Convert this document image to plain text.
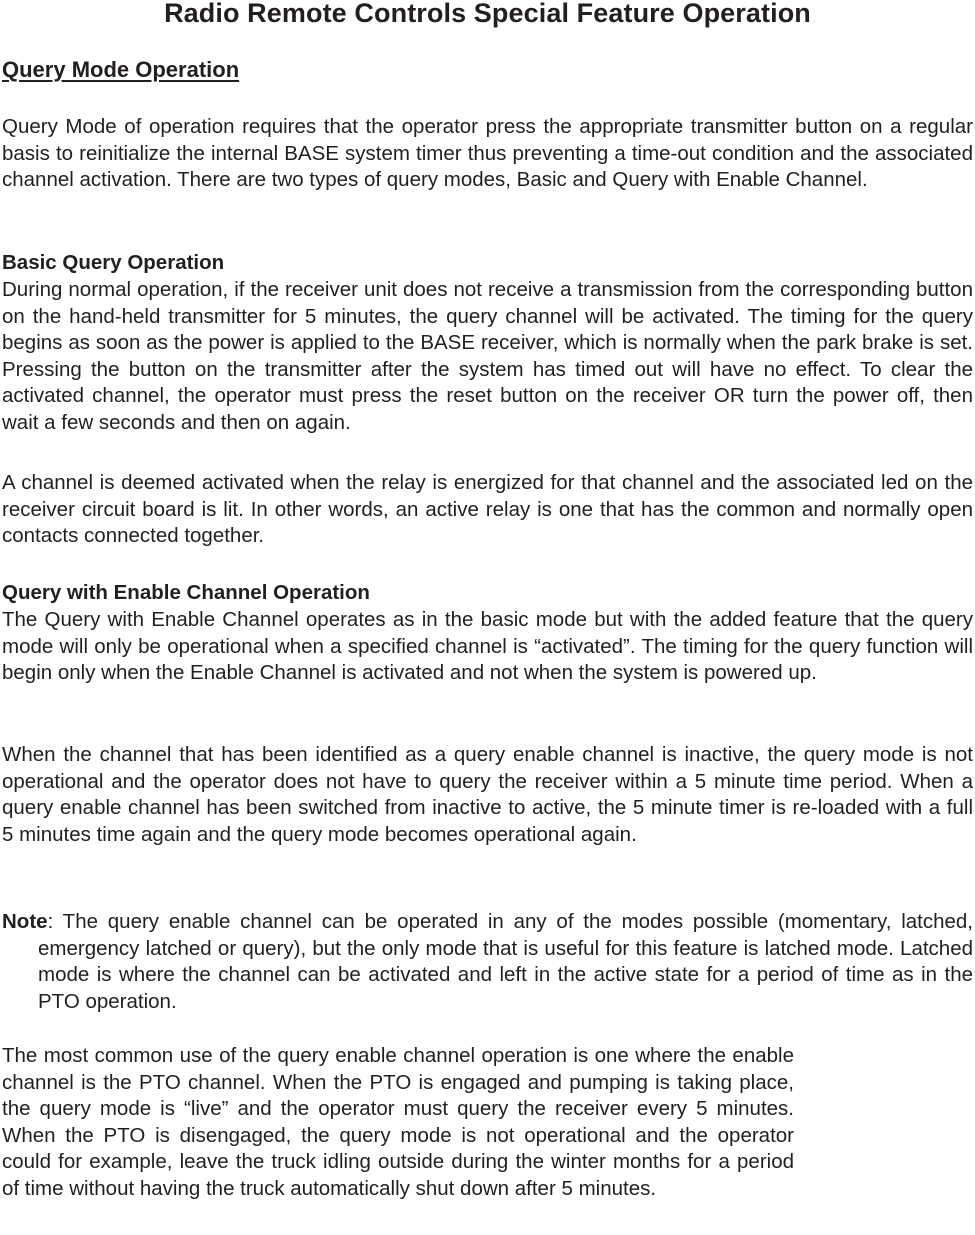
Radio Remote Controls Special Feature Operation
Query Mode Operation

Query Mode of operation requires that the operator press the appropriate transmitter button on a regular basis to reinitialize the internal BASE system timer thus preventing a time-out condition and the associated channel activation. There are two types of query modes, Basic and Query with Enable Channel.

Basic Query Operation

During normal operation, if the receiver unit does not receive a transmission from the corresponding button on the hand-held transmitter for 5 minutes, the query channel will be activated. The timing for the query begins as soon as the power is applied to the BASE receiver, which is normally when the park brake is set. Pressing the button on the transmitter after the system has timed out will have no effect. To clear the activated channel, the operator must press the reset button on the receiver OR turn the power off, then wait a few seconds and then on again.

A channel is deemed activated when the relay is energized for that channel and the associated led on the receiver circuit board is lit. In other words, an active relay is one that has the common and normally open contacts connected together.

Query with Enable Channel Operation

The Query with Enable Channel operates as in the basic mode but with the added feature that the query mode will only be operational when a specified channel is “activated”. The timing for the query function will begin only when the Enable Channel is activated and not when the system is powered up.

When the channel that has been identified as a query enable channel is inactive, the query mode is not operational and the operator does not have to query the receiver within a 5 minute time period. When a query enable channel has been switched from inactive to active, the 5 minute timer is re-loaded with a full 5 minutes time again and the query mode becomes operational again.

Note: The query enable channel can be operated in any of the modes possible (momentary, latched, emergency latched or query), but the only mode that is useful for this feature is latched mode. Latched mode is where the channel can be activated and left in the active state for a period of time as in the PTO operation.

The most common use of the query enable channel operation is one where the enable channel is the PTO channel. When the PTO is engaged and pumping is taking place, the query mode is “live” and the operator must query the receiver every 5 minutes. When the PTO is disengaged, the query mode is not operational and the operator could for example, leave the truck idling outside during the winter months for a period of time without having the truck automatically shut down after 5 minutes.
